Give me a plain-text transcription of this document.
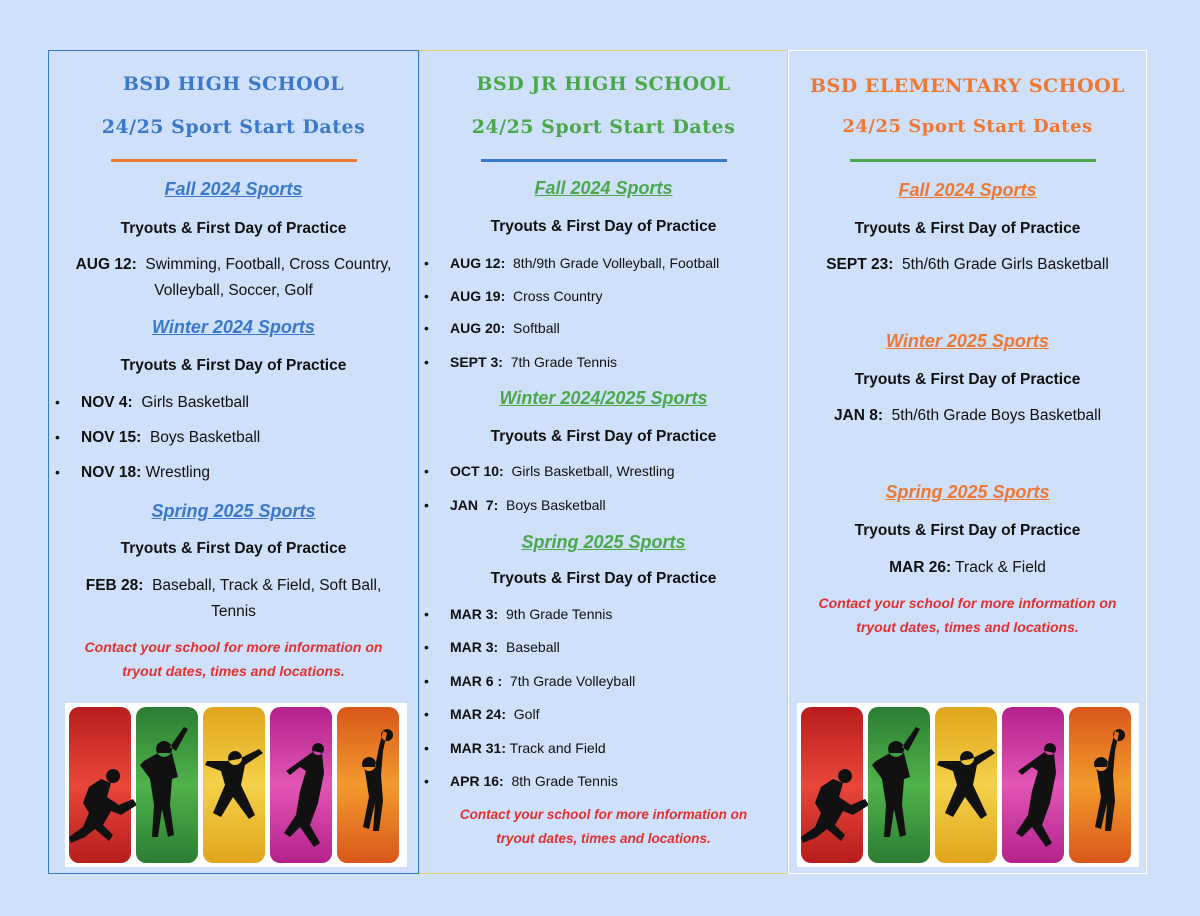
BSD HIGH SCHOOL
24/25 Sport Start Dates
Fall 2024 Sports
Tryouts & First Day of Practice
AUG 12: Swimming, Football, Cross Country,
Volleyball, Soccer, Golf
Winter 2024 Sports
Tryouts & First Day of Practice
• NOV 4: Girls Basketball
• NOV 15: Boys Basketball
• NOV 18: Wrestling
Spring 2025 Sports
Tryouts & First Day of Practice
FEB 28: Baseball, Track & Field, Soft Ball,
Tennis
Contact your school for more information on
tryout dates, times and locations.
BSD JR HIGH SCHOOL
24/25 Sport Start Dates
Fall 2024 Sports
Tryouts & First Day of Practice
• AUG 12: 8th/9th Grade Volleyball, Football
• AUG 19: Cross Country
• AUG 20: Softball
• SEPT 3: 7th Grade Tennis
Winter 2024/2025 Sports
Tryouts & First Day of Practice
• OCT 10: Girls Basketball, Wrestling
• JAN  7: Boys Basketball
Spring 2025 Sports
Tryouts & First Day of Practice
• MAR 3: 9th Grade Tennis
• MAR 3: Baseball
• MAR 6 : 7th Grade Volleyball
• MAR 24: Golf
• MAR 31: Track and Field
• APR 16: 8th Grade Tennis
Contact your school for more information on
tryout dates, times and locations.
BSD ELEMENTARY SCHOOL
24/25 Sport Start Dates
Fall 2024 Sports
Tryouts & First Day of Practice
SEPT 23: 5th/6th Grade Girls Basketball
Winter 2025 Sports
Tryouts & First Day of Practice
JAN 8: 5th/6th Grade Boys Basketball
Spring 2025 Sports
Tryouts & First Day of Practice
MAR 26: Track & Field
Contact your school for more information on
tryout dates, times and locations.
